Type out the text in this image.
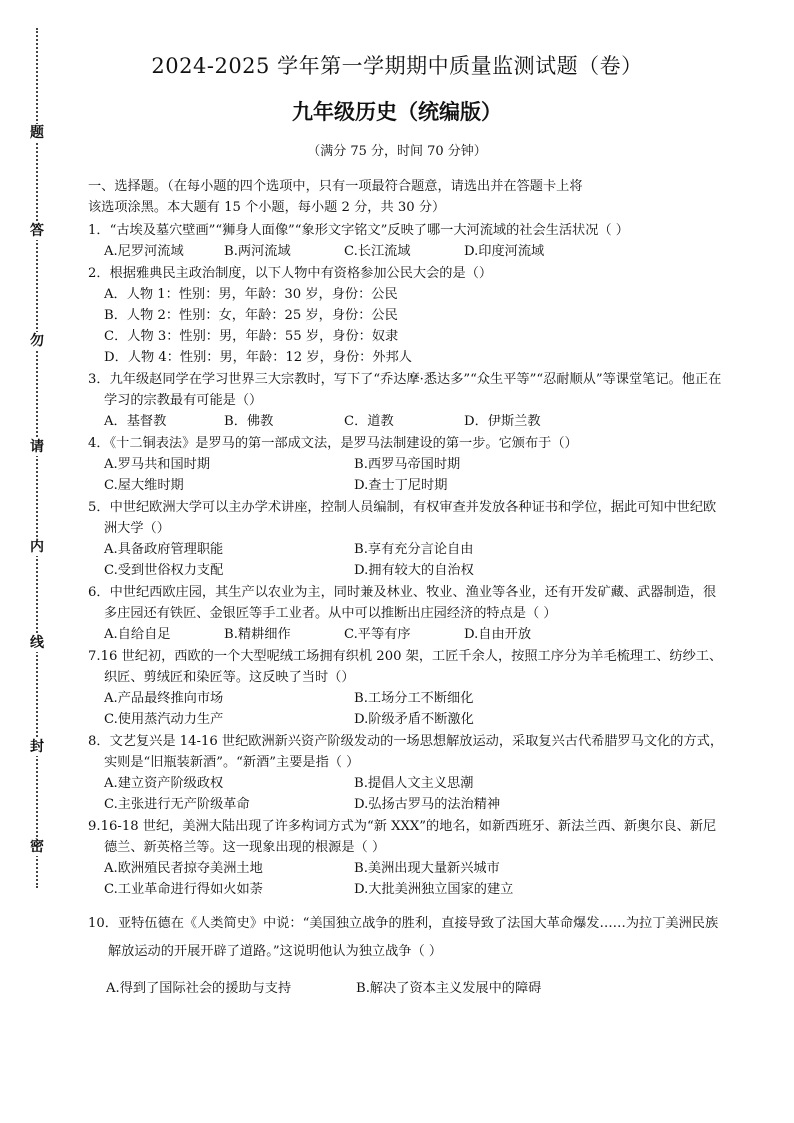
题
答
勿
请
内
线
封
密
2024-2025 学年第一学期期中质量监测试题（卷）
九年级历史（统编版）
（满分 75 分，时间 70 分钟）
一、选择题。（在每小题的四个选项中，只有一项最符合题意，请选出并在答题卡上将
该选项涂黑。本大题有 15 个小题，每小题 2 分，共 30 分）
1．“古埃及墓穴壁画”“狮身人面像”“象形文字铭文”反映了哪一大河流域的社会生活状况（ ）
A.尼罗河流域	B.两河流域	C.长江流域	D.印度河流域
2．根据雅典民主政治制度，以下人物中有资格参加公民大会的是（）
A．人物 1：性别：男，年龄：30 岁，身份：公民
B．人物 2：性别：女，年龄：25 岁，身份：公民
C．人物 3：性别：男，年龄：55 岁，身份：奴隶
D．人物 4：性别：男，年龄：12 岁，身份：外邦人
3．九年级赵同学在学习世界三大宗教时，写下了“乔达摩·悉达多”“众生平等”“忍耐顺从”等课堂笔记。他正在学习的宗教最有可能是（）
A．基督教	B．佛教	C．道教	D．伊斯兰教
4．《十二铜表法》是罗马的第一部成文法，是罗马法制建设的第一步。它颁布于（）
A.罗马共和国时期	B.西罗马帝国时期
C.屋大维时期	D.查士丁尼时期
5．中世纪欧洲大学可以主办学术讲座，控制人员编制，有权审查并发放各种证书和学位，据此可知中世纪欧洲大学（）
A.具备政府管理职能	B.享有充分言论自由
C.受到世俗权力支配	D.拥有较大的自治权
6．中世纪西欧庄园，其生产以农业为主，同时兼及林业、牧业、渔业等各业，还有开发矿藏、武器制造，很多庄园还有铁匠、金银匠等手工业者。从中可以推断出庄园经济的特点是（ ）
A.自给自足	B.精耕细作	C.平等有序	D.自由开放
7.16 世纪初，西欧的一个大型呢绒工场拥有织机 200 架，工匠千余人，按照工序分为羊毛梳理工、纺纱工、织匠、剪绒匠和染匠等。这反映了当时（）
A.产品最终推向市场	B.工场分工不断细化
C.使用蒸汽动力生产	D.阶级矛盾不断激化
8．文艺复兴是 14-16 世纪欧洲新兴资产阶级发动的一场思想解放运动，采取复兴古代希腊罗马文化的方式，实则是“旧瓶装新酒”。“新酒”主要是指（ ）
A.建立资产阶级政权	B.提倡人文主义思潮
C.主张进行无产阶级革命	D.弘扬古罗马的法治精神
9.16-18 世纪，美洲大陆出现了许多构词方式为“新 XXX”的地名，如新西班牙、新法兰西、新奥尔良、新尼德兰、新英格兰等。这一现象出现的根源是（ ）
A.欧洲殖民者掠夺美洲土地	B.美洲出现大量新兴城市
C.工业革命进行得如火如荼	D.大批美洲独立国家的建立
10．亚特伍德在《人类简史》中说：“美国独立战争的胜利，直接导致了法国大革命爆发……为拉丁美洲民族解放运动的开展开辟了道路。”这说明他认为独立战争（ ）
A.得到了国际社会的援助与支持	B.解决了资本主义发展中的障碍
